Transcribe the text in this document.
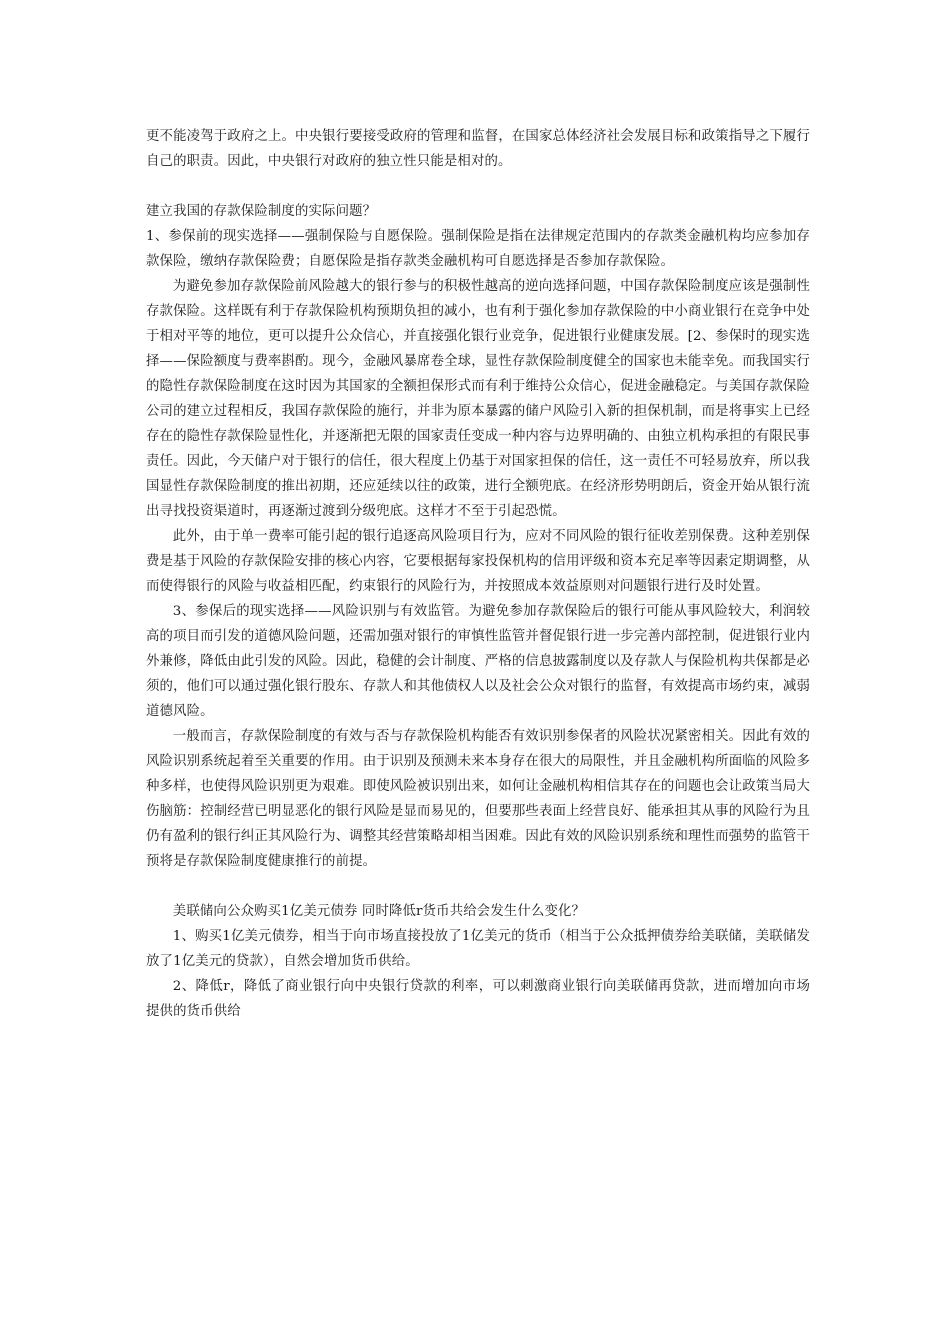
更不能凌驾于政府之上。中央银行要接受政府的管理和监督，在国家总体经济社会发展目标和政策指导之下履行自己的职责。因此，中央银行对政府的独立性只能是相对的。

建立我国的存款保险制度的实际问题？

1、参保前的现实选择——强制保险与自愿保险。强制保险是指在法律规定范围内的存款类金融机构均应参加存款保险，缴纳存款保险费；自愿保险是指存款类金融机构可自愿选择是否参加存款保险。

为避免参加存款保险前风险越大的银行参与的积极性越高的逆向选择问题，中国存款保险制度应该是强制性存款保险。这样既有利于存款保险机构预期负担的减小，也有利于强化参加存款保险的中小商业银行在竞争中处于相对平等的地位，更可以提升公众信心，并直接强化银行业竞争，促进银行业健康发展。[2、参保时的现实选择——保险额度与费率斟酌。现今，金融风暴席卷全球，显性存款保险制度健全的国家也未能幸免。而我国实行的隐性存款保险制度在这时因为其国家的全额担保形式而有利于维持公众信心，促进金融稳定。与美国存款保险公司的建立过程相反，我国存款保险的施行，并非为原本暴露的储户风险引入新的担保机制，而是将事实上已经存在的隐性存款保险显性化，并逐渐把无限的国家责任变成一种内容与边界明确的、由独立机构承担的有限民事责任。因此，今天储户对于银行的信任，很大程度上仍基于对国家担保的信任，这一责任不可轻易放弃，所以我国显性存款保险制度的推出初期，还应延续以往的政策，进行全额兜底。在经济形势明朗后，资金开始从银行流出寻找投资渠道时，再逐渐过渡到分级兜底。这样才不至于引起恐慌。

此外，由于单一费率可能引起的银行追逐高风险项目行为，应对不同风险的银行征收差别保费。这种差别保费是基于风险的存款保险安排的核心内容，它要根据每家投保机构的信用评级和资本充足率等因素定期调整，从而使得银行的风险与收益相匹配，约束银行的风险行为，并按照成本效益原则对问题银行进行及时处置。

3、参保后的现实选择——风险识别与有效监管。为避免参加存款保险后的银行可能从事风险较大，利润较高的项目而引发的道德风险问题，还需加强对银行的审慎性监管并督促银行进一步完善内部控制，促进银行业内外兼修，降低由此引发的风险。因此，稳健的会计制度、严格的信息披露制度以及存款人与保险机构共保都是必须的，他们可以通过强化银行股东、存款人和其他债权人以及社会公众对银行的监督，有效提高市场约束，减弱道德风险。

一般而言，存款保险制度的有效与否与存款保险机构能否有效识别参保者的风险状况紧密相关。因此有效的风险识别系统起着至关重要的作用。由于识别及预测未来本身存在很大的局限性，并且金融机构所面临的风险多种多样，也使得风险识别更为艰难。即使风险被识别出来，如何让金融机构相信其存在的问题也会让政策当局大伤脑筋：控制经营已明显恶化的银行风险是显而易见的，但要那些表面上经营良好、能承担其从事的风险行为且仍有盈利的银行纠正其风险行为、调整其经营策略却相当困难。因此有效的风险识别系统和理性而强势的监管干预将是存款保险制度健康推行的前提。

美联储向公众购买1亿美元债券 同时降低r货币共给会发生什么变化？

1、购买1亿美元债券，相当于向市场直接投放了1亿美元的货币（相当于公众抵押债券给美联储，美联储发放了1亿美元的贷款），自然会增加货币供给。

2、降低r，降低了商业银行向中央银行贷款的利率，可以刺激商业银行向美联储再贷款，进而增加向市场提供的货币供给
